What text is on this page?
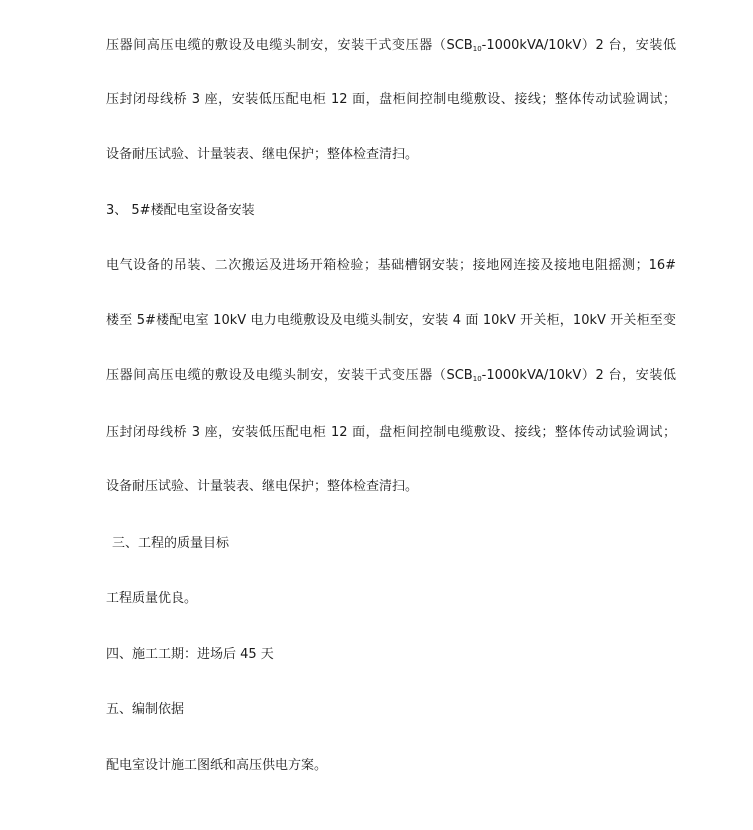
压器间高压电缆的敷设及电缆头制安，安装干式变压器$(SCB_{10}-1000kVA/10kV)2$ 台，安装低
压封闭母线桥 3 座，安装低压配电柜 12 面，盘柜间控制电缆敷设、接线；整体传动试验调试；
设备耐压试验、计量装表、继电保护；整体检查清扫。
3、 5#楼配电室设备安装
电气设备的吊装、二次搬运及进场开箱检验；基础槽钢安装；接地网连接及接地电阻摇测；16#
楼至 5#楼配电室 10kV 电力电缆敷设及电缆头制安，安装 4 面 10kV 开关柜，10kV 开关柜至变
压器间高压电缆的敷设及电缆头制安，安装干式变压器$(SCB_{10}-1000kVA/10kV)2$ 台，安装低
压封闭母线桥 3 座，安装低压配电柜 12 面，盘柜间控制电缆敷设、接线；整体传动试验调试；
设备耐压试验、计量装表、继电保护；整体检查清扫。
三、工程的质量目标
工程质量优良。
四、施工工期：进场后 45 天
五、编制依据
配电室设计施工图纸和高压供电方案。
